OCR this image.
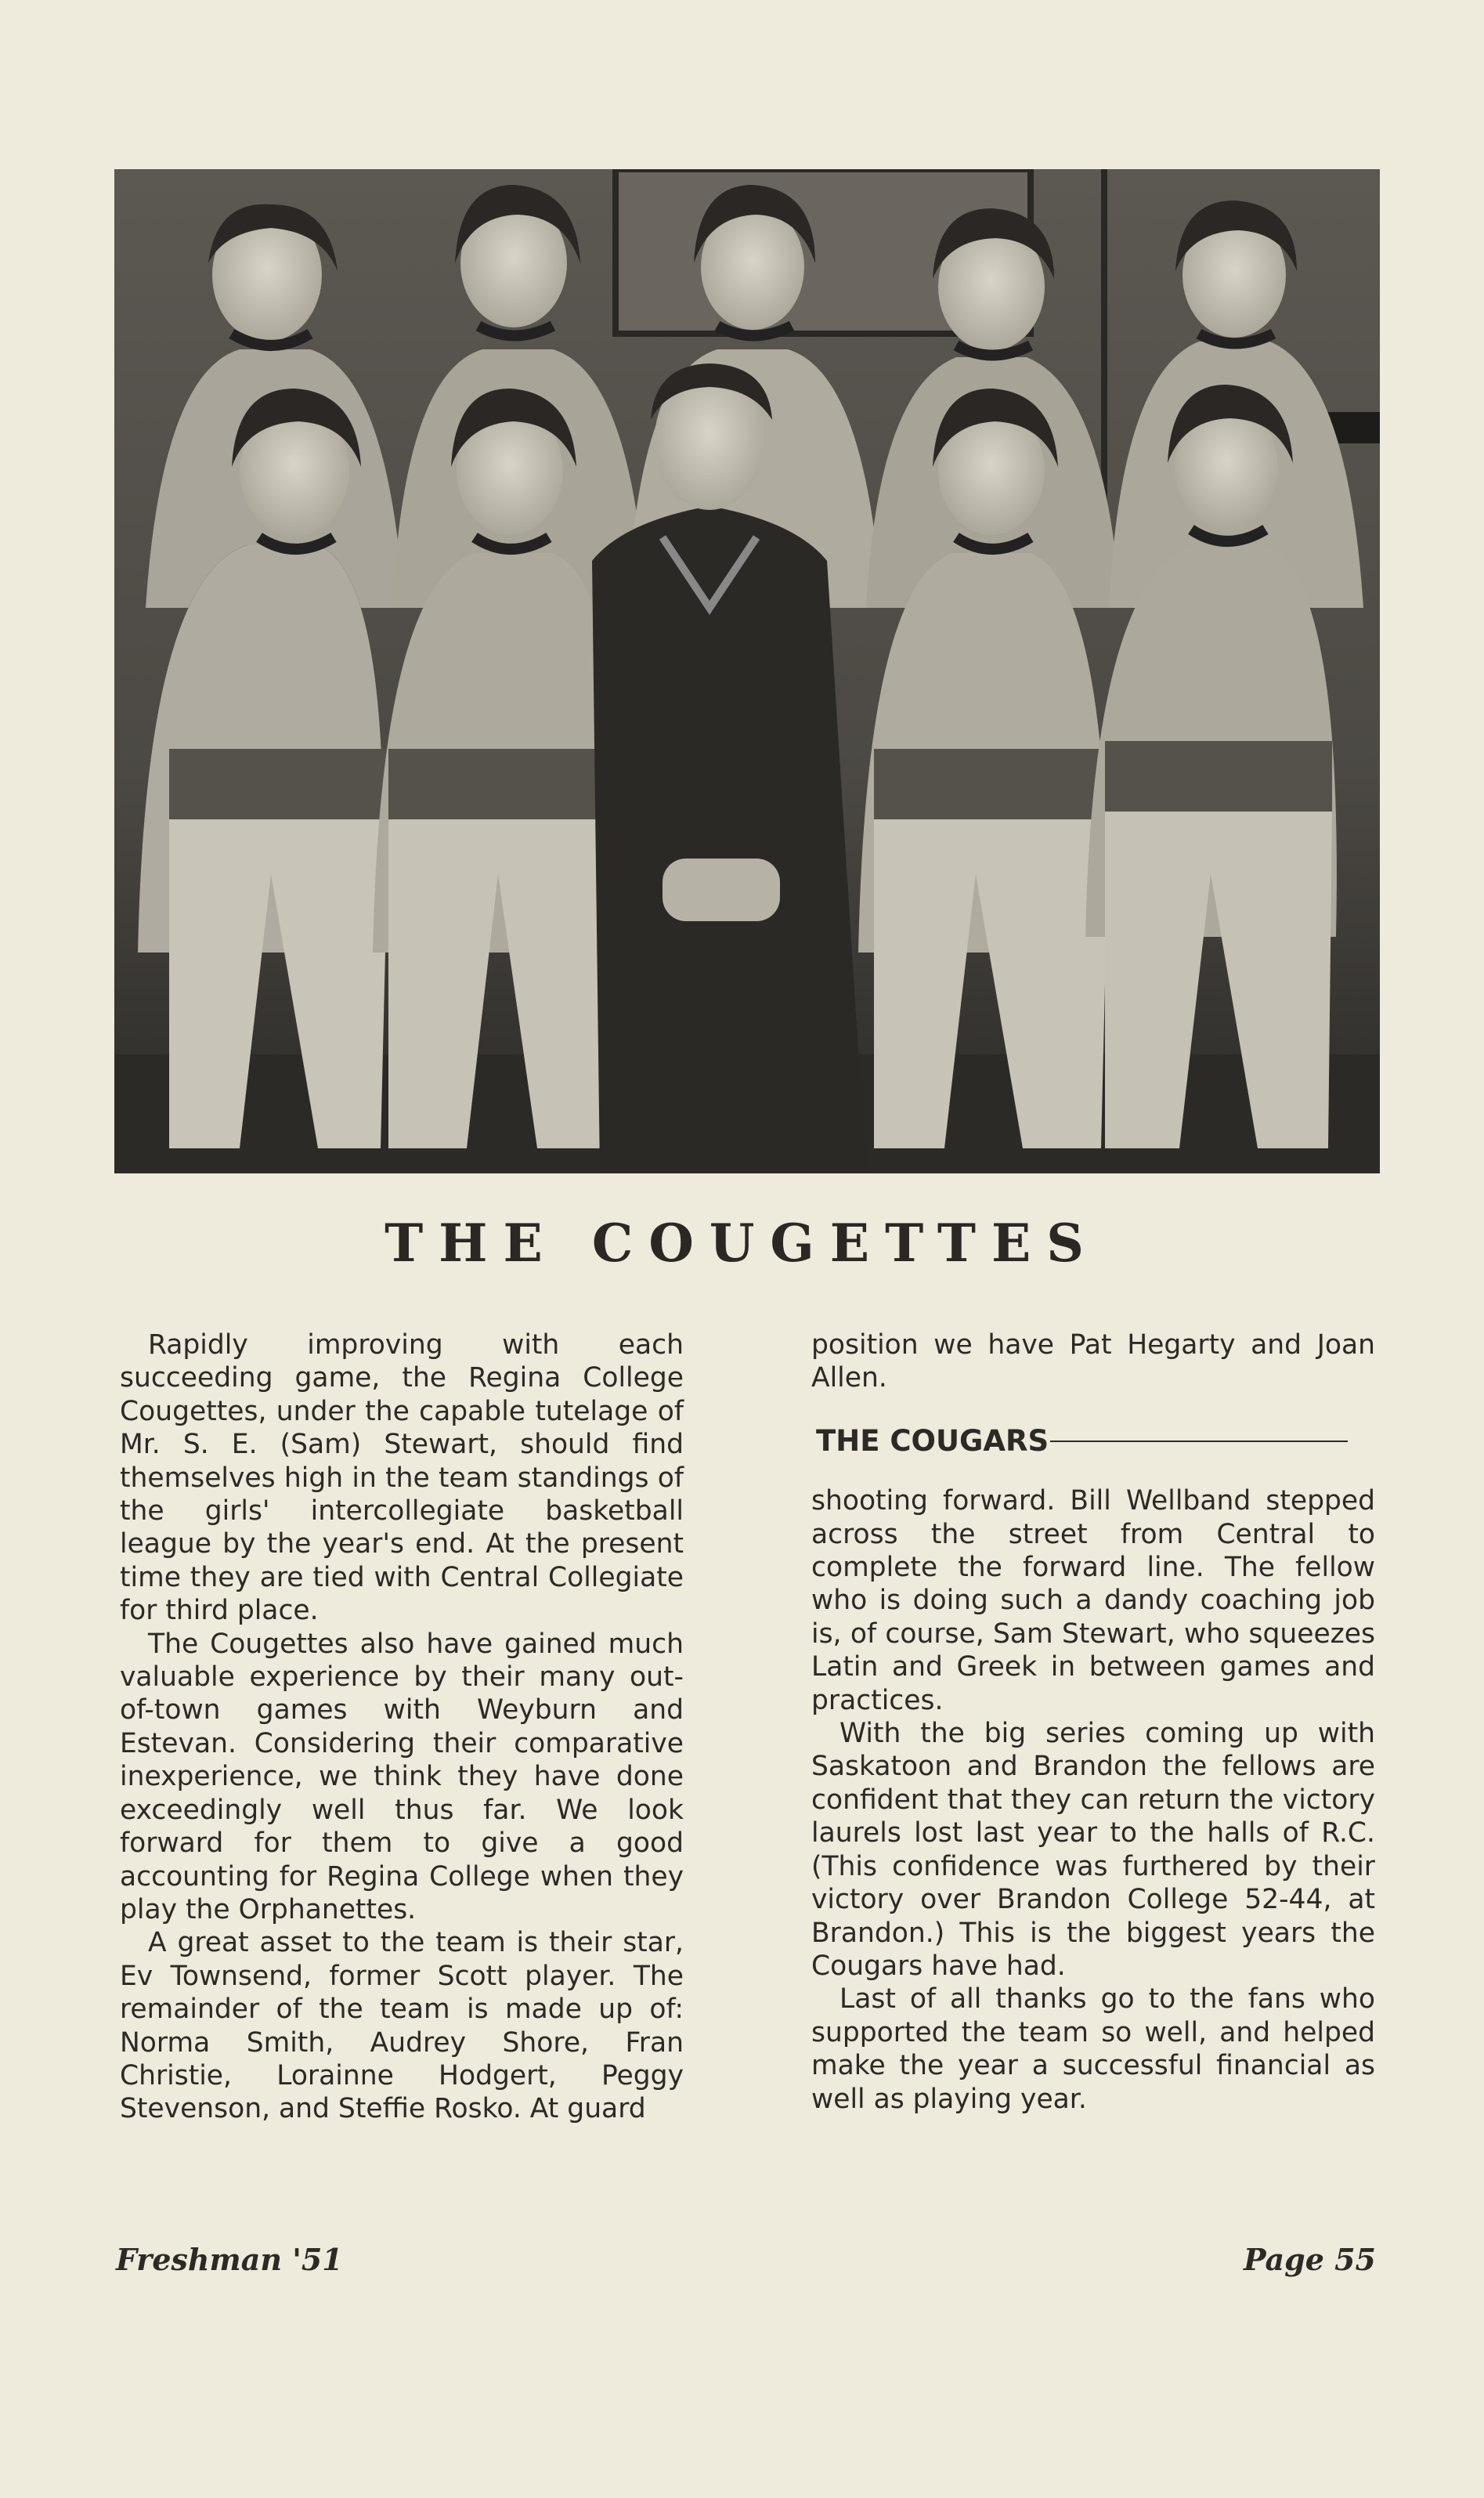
THE COUGETTES

Rapidly improving with each succeeding game, the Regina College Cougettes, under the capable tutelage of Mr. S. E. (Sam) Stewart, should find themselves high in the team standings of the girls' intercollegiate basketball league by the year's end. At the present time they are tied with Central Collegiate for third place.

The Cougettes also have gained much valuable experience by their many out-of-town games with Weyburn and Estevan. Considering their comparative inexperience, we think they have done exceedingly well thus far. We look forward for them to give a good accounting for Regina College when they play the Orphanettes.

A great asset to the team is their star, Ev Townsend, former Scott player. The remainder of the team is made up of: Norma Smith, Audrey Shore, Fran Christie, Lorainne Hodgert, Peggy Stevenson, and Steffie Rosko. At guard

position we have Pat Hegarty and Joan Allen.

THE COUGARS

shooting forward. Bill Wellband stepped across the street from Central to complete the forward line. The fellow who is doing such a dandy coaching job is, of course, Sam Stewart, who squeezes Latin and Greek in between games and practices.

With the big series coming up with Saskatoon and Brandon the fellows are confident that they can return the victory laurels lost last year to the halls of R.C. (This confidence was furthered by their victory over Brandon College 52-44, at Brandon.) This is the biggest years the Cougars have had.

Last of all thanks go to the fans who supported the team so well, and helped make the year a successful financial as well as playing year.

Freshman '51	Page 55
